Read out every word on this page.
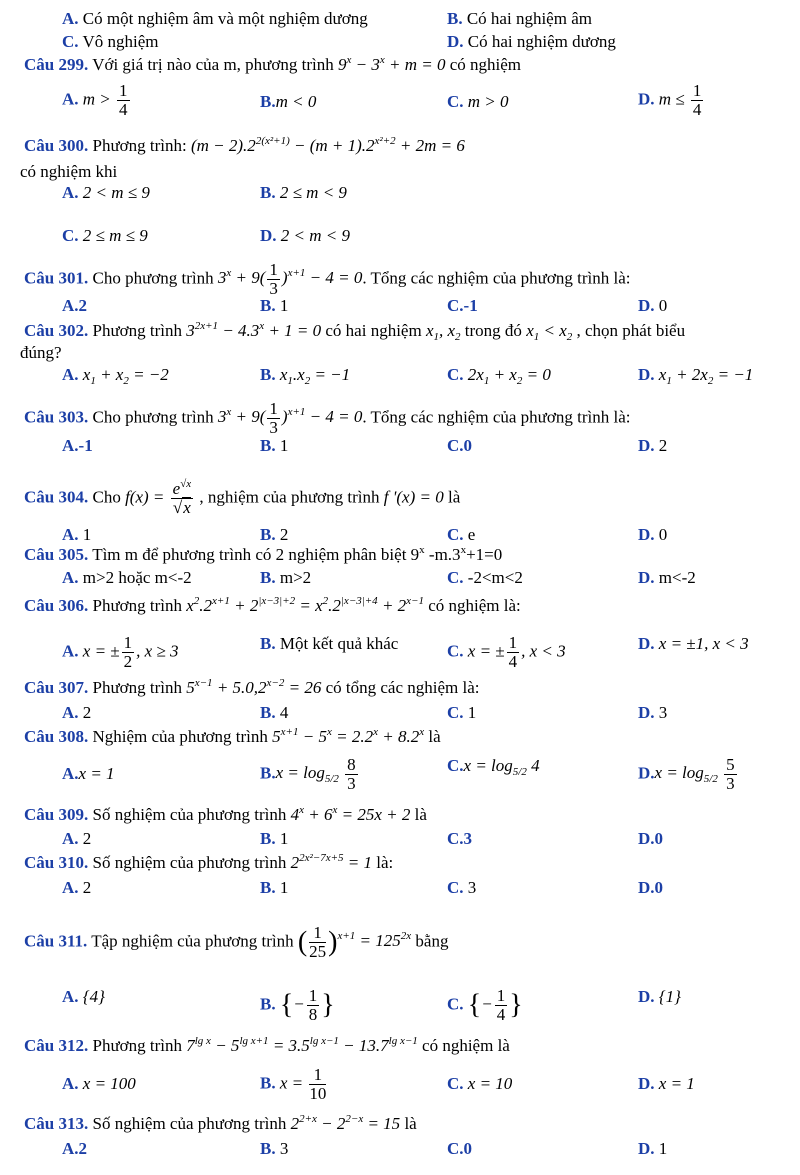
A. Có một nghiệm âm và một nghiệm dương	B. Có hai nghiệm âm
C. Vô nghiệm	D. Có hai nghiệm dương
Câu 299. Với giá trị nào của m, phương trình $9^x - 3^x + m = 0$ có nghiệm
A. $m > \frac{1}{4}$	B.m < 0	C. m > 0	D. $m \le \frac{1}{4}$
Câu 300. Phương trình: $(m - 2).2^{2(x^2+1)} - (m + 1).2^{x^2+2} + 2m = 6$
có nghiệm khi
A. 2 < m ≤ 9	B. 2 ≤ m < 9
C. 2 ≤ m ≤ 9	D. 2 < m < 9
Câu 301. Cho phương trình $3^x + 9( \frac{1}{3} )^{x+1} - 4 = 0$. Tổng các nghiệm của phương trình là:
A.2	B. 1	C.-1	D. 0
Câu 302. Phương trình $3^{2x+1} - 4.3^x + 1 = 0$ có hai nghiệm $x_1$, $x_2$ trong đó $x_1 < x_2$ , chọn phát biểu
đúng?
A. $x_1 + x_2 = -2$	B. $x_1.x_2 = -1$	C. $2x_1 + x_2 = 0$	D. $x_1 + 2x_2 = -1$
Câu 303. Cho phương trình $3^x + 9( \frac{1}{3} )^{x+1} - 4 = 0$. Tổng các nghiệm của phương trình là:
A.-1	B. 1	C.0	D. 2
Câu 304. Cho $f(x) = \frac{e^{√x}}{√x}$ , nghiệm của phương trình f '(x) = 0 là
A. 1	B. 2	C. e	D. 0
Câu 305. Tìm m để phương trình có 2 nghiệm phân biệt 9$^x$ $-m.3^x+1=0$
A. m>2 hoặc m<-2	B. m>2	C. -2<m<2	D. m<-2
Câu 306. Phương trình $x^2.2^{x+1} + 2^{|x-3|+2} = x^2.2^{|x-3|+4} + 2^{x-1}$ có nghiệm là:
A. x = ± $\frac{1}{2}$ , x ≥ 3	B. Một kết quả khác	C. x = ± $\frac{1}{4}$ , x < 3	D. x = ±1, x < 3
Câu 307. Phương trình $5^{x-1} + 5.0,2^{x-2} = 26$ có tổng các nghiệm là:
A. 2	B. 4	C. 1	D. 3
Câu 308. Nghiệm của phương trình $5^{x+1} - 5^x = 2.2^x + 8.2^x$ là
A.x = 1	$B.x = \log_{5/2} \frac{8}{3}$	$C.x = \log_{5/2} 4$	$D.x = \log_{5/2} \frac{5}{3}$
Câu 309. Số nghiệm của phương trình $4^x + 6^x = 25x + 2$ là
A. 2	B. 1	C.3	D.0
Câu 310. Số nghiệm của phương trình $2^{2x^2-7x+5} = 1$ là:
A. 2	B. 1	C. 3	D.0
Câu 311. Tập nghiệm của phương trình ( $\frac{1}{25} )^{x+1} = 125^{2x}$ bằng
A. {4}	B. {− $\frac{1}{8}$ }	C. {− $\frac{1}{4}$ }	D. {1}
Câu 312. Phương trình $7^{lg x} - 5^{lg x+1} = 3.5^{lg x-1} - 13.7^{lg x-1}$ có nghiệm là
A. x = 100	B. $x = \frac{1}{10}$	C. x = 10	D. x = 1
Câu 313. Số nghiệm của phương trình $2^{2+x} - 2^{2-x} = 15$ là
A.2	B. 3	C.0	D. 1
